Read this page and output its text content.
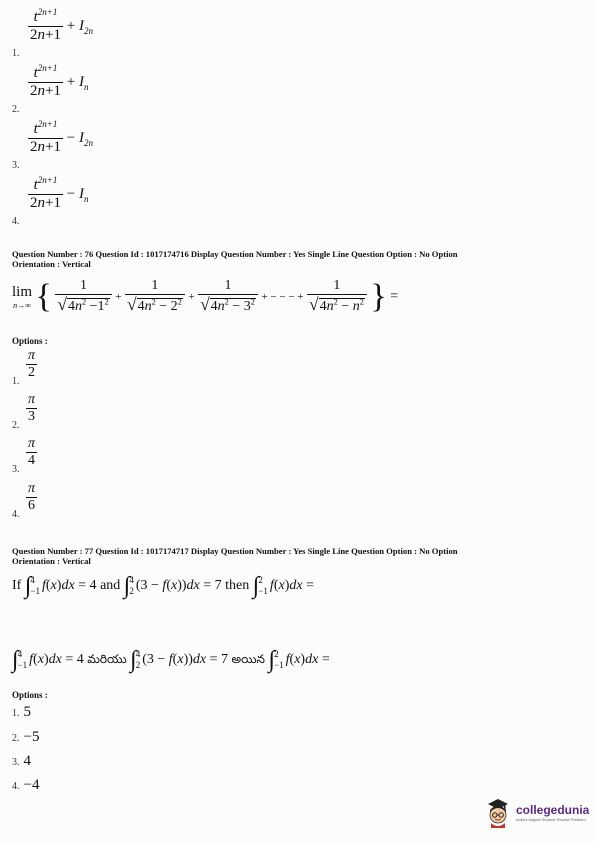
1.
$\frac{t^{2n+1}}{2n+1} + I_{2n}$
2.
$\frac{t^{2n+1}}{2n+1} + I_n$
3.
$\frac{t^{2n+1}}{2n+1} - I_{2n}$
4.
$\frac{t^{2n+1}}{2n+1} - I_n$
Question Number : 76 Question Id : 1017174716 Display Question Number : Yes Single Line Question Option : No Option
Orientation : Vertical
lim
n→∞ { $\frac{1}{√ 4n^2 -1^2} + \frac{1}{√ 4n^2 - 2^2} + \frac{1}{√ 4n^2 - 3^2}$ + − − − + $\frac{1}{√ 4n^2 - n^2}$ } =
Options :
1.
π
2
2.
π
3
3.
π
4
4.
π
6
Question Number : 77 Question Id : 1017174717 Display Question Number : Yes Single Line Question Option : No Option
Orientation : Vertical
If ∫ 4
−1 f(x)dx = 4 and ∫ 4
2 (3 − f(x))dx = 7 then ∫ 2
−1 f(x)dx =
∫ 4
−1 f(x)dx = 4 మరియు ∫ 4
2 (3 − f(x))dx = 7 అయిన ∫ 2
−1 f(x)dx =
Options :
1. 5
2. −5
3. 4
4. −4
collegedunia
India's largest Student Review Platform
